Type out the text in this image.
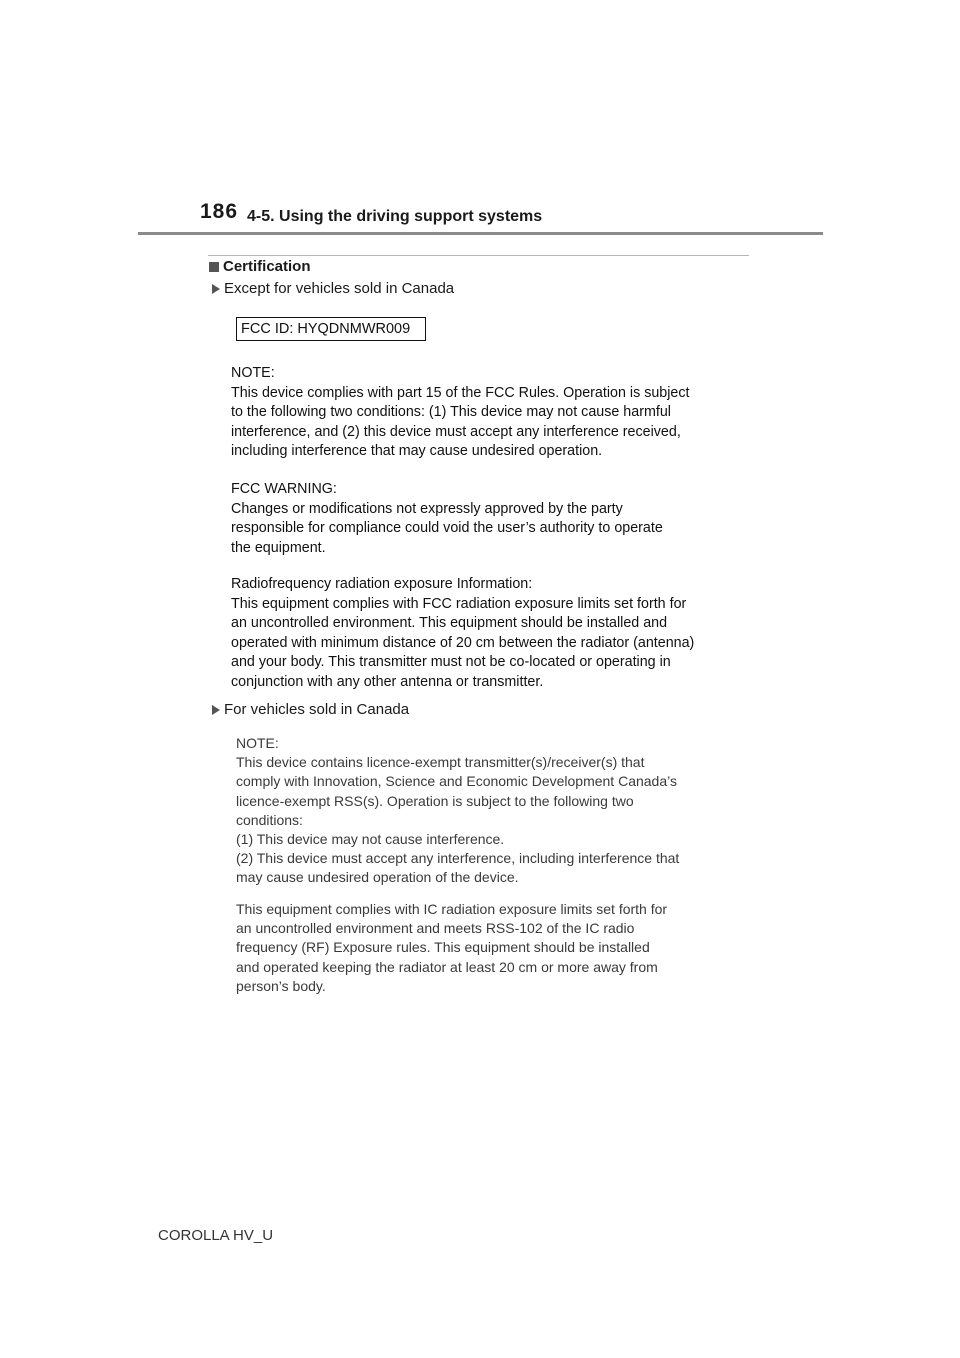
186 4-5. Using the driving support systems
Certification
Except for vehicles sold in Canada
FCC ID: HYQDNMWR009

NOTE:

This device complies with part 15 of the FCC Rules. Operation is subject

to the following two conditions: (1) This device may not cause harmful

interference, and (2) this device must accept any interference received,

including interference that may cause undesired operation.

FCC WARNING:

Changes or modifications not expressly approved by the party

responsible for compliance could void the user’s authority to operate

the equipment.

Radiofrequency radiation exposure Information:

This equipment complies with FCC radiation exposure limits set forth for

an uncontrolled environment. This equipment should be installed and

operated with minimum distance of 20 cm between the radiator (antenna)

and your body. This transmitter must not be co-located or operating in

conjunction with any other antenna or transmitter.

For vehicles sold in Canada

NOTE:

This device contains licence-exempt transmitter(s)/receiver(s) that

comply with Innovation, Science and Economic Development Canada’s

licence-exempt RSS(s). Operation is subject to the following two

conditions:

(1) This device may not cause interference.

(2) This device must accept any interference, including interference that

may cause undesired operation of the device.

This equipment complies with IC radiation exposure limits set forth for

an uncontrolled environment and meets RSS-102 of the IC radio

frequency (RF) Exposure rules. This equipment should be installed

and operated keeping the radiator at least 20 cm or more away from

person’s body.

COROLLA HV_U
